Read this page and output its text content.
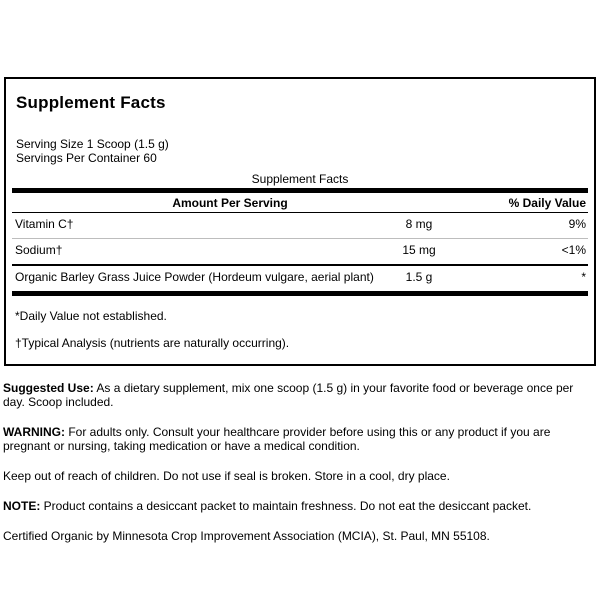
Supplement Facts
Serving Size 1 Scoop (1.5 g)
Servings Per Container 60
Supplement Facts
Amount Per Serving	% Daily Value
Vitamin C†	8 mg	9%
Sodium†	15 mg	<1%
Organic Barley Grass Juice Powder (Hordeum vulgare, aerial plant)	1.5 g	*
*Daily Value not established.
†Typical Analysis (nutrients are naturally occurring).

Suggested Use: As a dietary supplement, mix one scoop (1.5 g) in your favorite food or beverage once per day. Scoop included.

WARNING: For adults only. Consult your healthcare provider before using this or any product if you are pregnant or nursing, taking medication or have a medical condition.

Keep out of reach of children. Do not use if seal is broken. Store in a cool, dry place.

NOTE: Product contains a desiccant packet to maintain freshness. Do not eat the desiccant packet.

Certified Organic by Minnesota Crop Improvement Association (MCIA), St. Paul, MN 55108.
